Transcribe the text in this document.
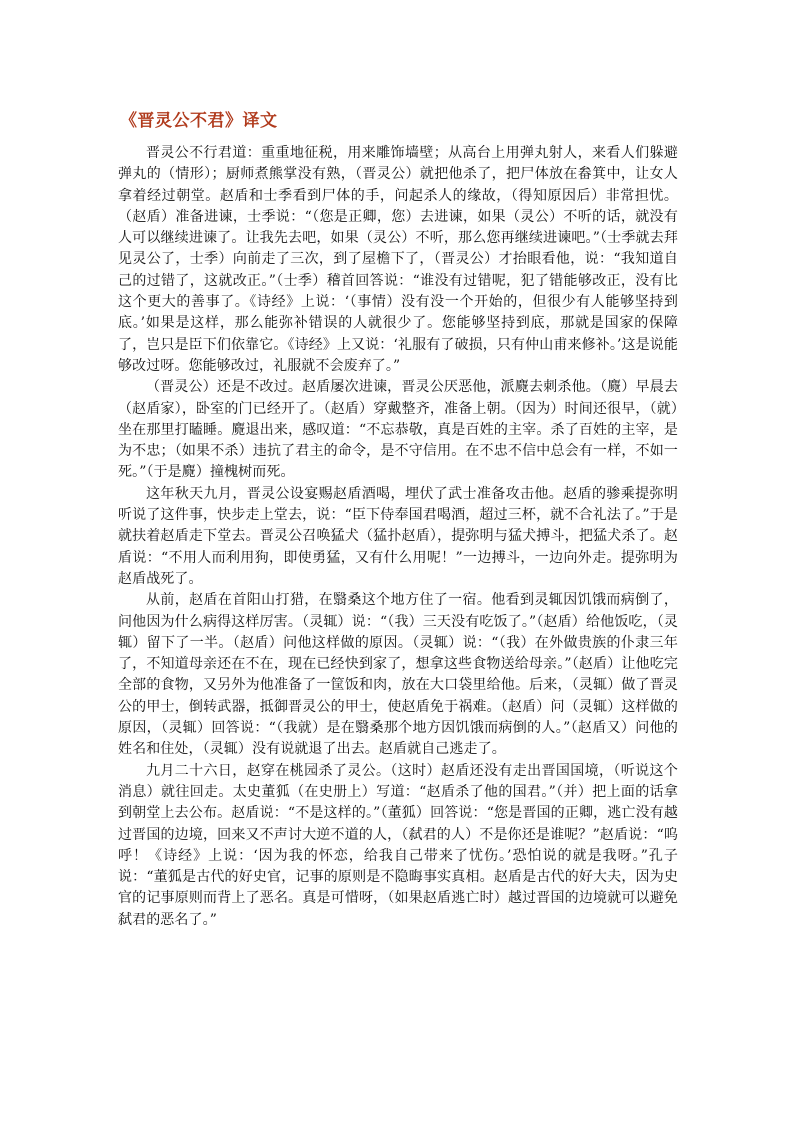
《晋灵公不君》译文

晋灵公不行君道：重重地征税，用来雕饰墙壁；从高台上用弹丸射人，来看人们躲避弹丸的（情形）；厨师煮熊掌没有熟，（晋灵公）就把他杀了，把尸体放在畚箕中，让女人拿着经过朝堂。赵盾和士季看到尸体的手，问起杀人的缘故，（得知原因后）非常担忧。（赵盾）准备进谏，士季说：“（您是正卿，您）去进谏，如果（灵公）不听的话，就没有人可以继续进谏了。让我先去吧，如果（灵公）不听，那么您再继续进谏吧。”（士季就去拜见灵公了，士季）向前走了三次，到了屋檐下了，（晋灵公）才抬眼看他，说：“我知道自己的过错了，这就改正。”（士季）稽首回答说：“谁没有过错呢，犯了错能够改正，没有比这个更大的善事了。《诗经》上说：‘（事情）没有没一个开始的，但很少有人能够坚持到底。’如果是这样，那么能弥补错误的人就很少了。您能够坚持到底，那就是国家的保障了，岂只是臣下们依靠它。《诗经》上又说：‘礼服有了破损，只有仲山甫来修补。’这是说能够改过呀。您能够改过，礼服就不会废弃了。”

（晋灵公）还是不改过。赵盾屡次进谏，晋灵公厌恶他，派麑去刺杀他。（麑）早晨去（赵盾家），卧室的门已经开了。（赵盾）穿戴整齐，准备上朝。（因为）时间还很早，（就）坐在那里打瞌睡。麑退出来，感叹道：“不忘恭敬，真是百姓的主宰。杀了百姓的主宰，是为不忠；（如果不杀）违抗了君主的命令，是不守信用。在不忠不信中总会有一样，不如一死。”（于是麑）撞槐树而死。

这年秋天九月，晋灵公设宴赐赵盾酒喝，埋伏了武士准备攻击他。赵盾的骖乘提弥明听说了这件事，快步走上堂去，说：“臣下侍奉国君喝酒，超过三杯，就不合礼法了。”于是就扶着赵盾走下堂去。晋灵公召唤猛犬（猛扑赵盾），提弥明与猛犬搏斗，把猛犬杀了。赵盾说：“不用人而利用狗，即使勇猛，又有什么用呢！”一边搏斗，一边向外走。提弥明为赵盾战死了。

从前，赵盾在首阳山打猎，在翳桑这个地方住了一宿。他看到灵辄因饥饿而病倒了，问他因为什么病得这样厉害。（灵辄）说：“（我）三天没有吃饭了。”（赵盾）给他饭吃，（灵辄）留下了一半。（赵盾）问他这样做的原因。（灵辄）说：“（我）在外做贵族的仆隶三年了，不知道母亲还在不在，现在已经快到家了，想拿这些食物送给母亲。”（赵盾）让他吃完全部的食物，又另外为他准备了一筐饭和肉，放在大口袋里给他。后来，（灵辄）做了晋灵公的甲士，倒转武器，抵御晋灵公的甲士，使赵盾免于祸难。（赵盾）问（灵辄）这样做的原因，（灵辄）回答说：“（我就）是在翳桑那个地方因饥饿而病倒的人。”（赵盾又）问他的姓名和住处，（灵辄）没有说就退了出去。赵盾就自己逃走了。

九月二十六日，赵穿在桃园杀了灵公。（这时）赵盾还没有走出晋国国境，（听说这个消息）就往回走。太史董狐（在史册上）写道：“赵盾杀了他的国君。”（并）把上面的话拿到朝堂上去公布。赵盾说：“不是这样的。”（董狐）回答说：“您是晋国的正卿，逃亡没有越过晋国的边境，回来又不声讨大逆不道的人，（弑君的人）不是你还是谁呢？”赵盾说：“呜呼！《诗经》上说：‘因为我的怀恋，给我自己带来了忧伤。’恐怕说的就是我呀。”孔子说：“董狐是古代的好史官，记事的原则是不隐晦事实真相。赵盾是古代的好大夫，因为史官的记事原则而背上了恶名。真是可惜呀，（如果赵盾逃亡时）越过晋国的边境就可以避免弑君的恶名了。”
